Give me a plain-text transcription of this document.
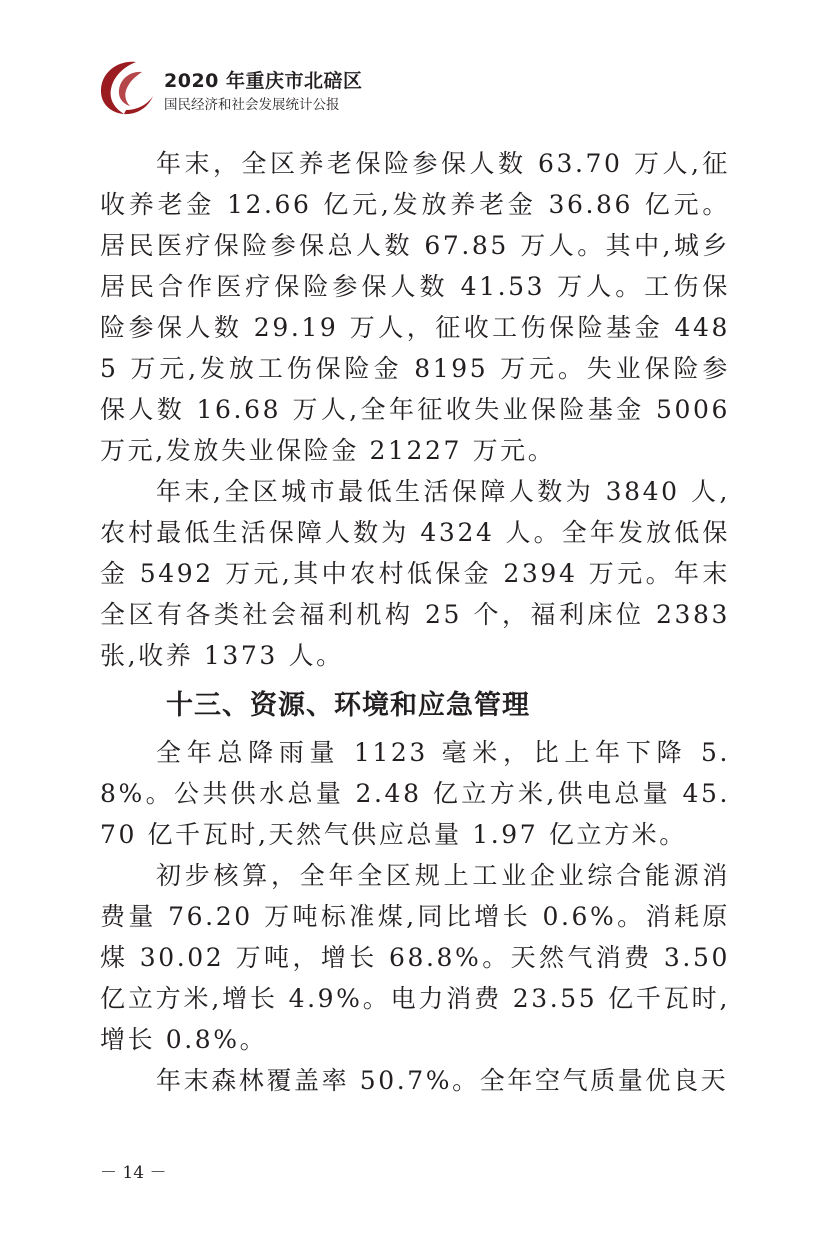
2020 年重庆市北碚区
国民经济和社会发展统计公报

年末，全区养老保险参保人数 63.70 万人,征收养老金 12.66 亿元,发放养老金 36.86 亿元。居民医疗保险参保总人数 67.85 万人。其中,城乡居民合作医疗保险参保人数 41.53 万人。工伤保险参保人数 29.19 万人，征收工伤保险基金 4485 万元,发放工伤保险金 8195 万元。失业保险参保人数 16.68 万人,全年征收失业保险基金 5006 万元,发放失业保险金 21227 万元。

年末,全区城市最低生活保障人数为 3840 人,农村最低生活保障人数为 4324 人。全年发放低保金 5492 万元,其中农村低保金 2394 万元。年末全区有各类社会福利机构 25 个，福利床位 2383 张,收养 1373 人。

十三、资源、环境和应急管理

全年总降雨量 1123 毫米，比上年下降 5.8%。公共供水总量 2.48 亿立方米,供电总量 45.70 亿千瓦时,天然气供应总量 1.97 亿立方米。

初步核算，全年全区规上工业企业综合能源消费量 76.20 万吨标准煤,同比增长 0.6%。消耗原煤 30.02 万吨，增长 68.8%。天然气消费 3.50 亿立方米,增长 4.9%。电力消费 23.55 亿千瓦时,增长 0.8%。

年末森林覆盖率 50.7%。全年空气质量优良天

－ 14 －
